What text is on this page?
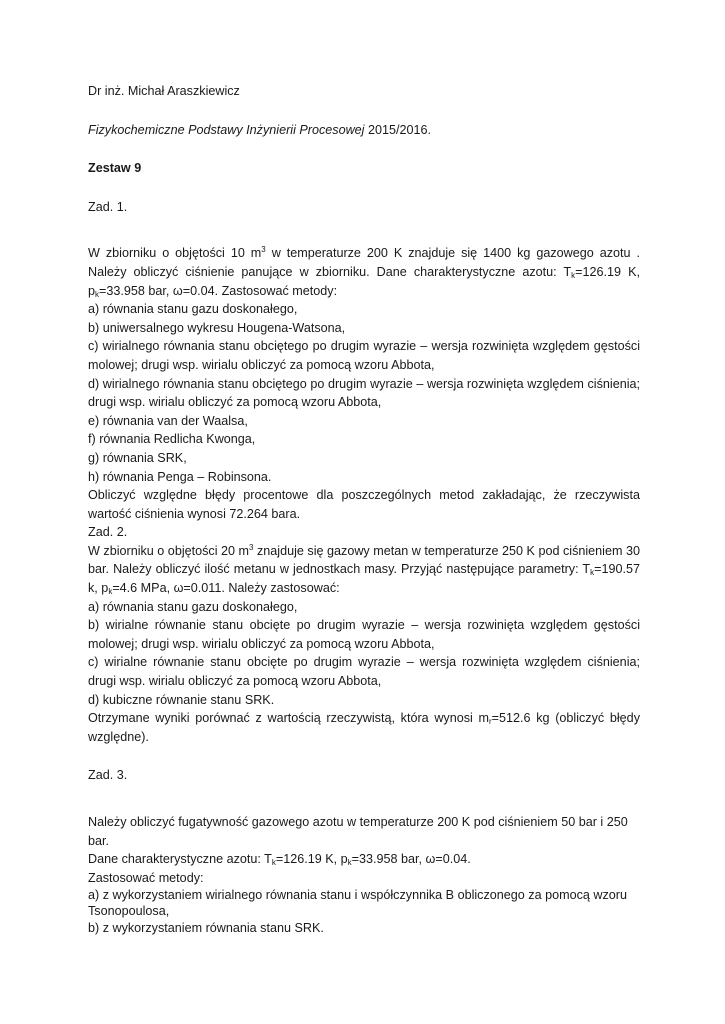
Dr inż. Michał Araszkiewicz

Fizykochemiczne Podstawy Inżynierii Procesowej 2015/2016.

Zestaw 9

Zad. 1.

W zbiorniku o objętości 10 $m^3$ w temperaturze 200 K znajduje się 1400 kg gazowego azotu . Należy obliczyć ciśnienie panujące w zbiorniku. Dane charakterystyczne azotu: $T_k=126.19$ K, $p_k=33.958$ bar, ω=0.04. Zastosować metody:

a) równania stanu gazu doskonałego,

b) uniwersalnego wykresu Hougena-Watsona,

c) wirialnego równania stanu obciętego po drugim wyrazie – wersja rozwinięta względem gęstości molowej; drugi wsp. wirialu obliczyć za pomocą wzoru Abbota,

d) wirialnego równania stanu obciętego po drugim wyrazie – wersja rozwinięta względem ciśnienia; drugi wsp. wirialu obliczyć za pomocą wzoru Abbota,

e) równania van der Waalsa,

f) równania Redlicha Kwonga,

g) równania SRK,

h) równania Penga – Robinsona.

Obliczyć względne błędy procentowe dla poszczególnych metod zakładając, że rzeczywista wartość ciśnienia wynosi 72.264 bara.

Zad. 2.

W zbiorniku o objętości 20 $m^3$ znajduje się gazowy metan w temperaturze 250 K pod ciśnieniem 30 bar. Należy obliczyć ilość metanu w jednostkach masy. Przyjąć następujące parametry: $T_k=190.57$ k, $p_k=4.6$ MPa, ω=0.011. Należy zastosować:

a) równania stanu gazu doskonałego,

b) wirialne równanie stanu obcięte po drugim wyrazie – wersja rozwinięta względem gęstości molowej; drugi wsp. wirialu obliczyć za pomocą wzoru Abbota,

c) wirialne równanie stanu obcięte po drugim wyrazie – wersja rozwinięta względem ciśnienia; drugi wsp. wirialu obliczyć za pomocą wzoru Abbota,

d) kubiczne równanie stanu SRK.

Otrzymane wyniki porównać z wartością rzeczywistą, która wynosi $m_r=512.6$ kg (obliczyć błędy względne).

Zad. 3.

Należy obliczyć fugatywność gazowego azotu w temperaturze 200 K pod ciśnieniem 50 bar i 250 bar.

Dane charakterystyczne azotu: $T_k=126.19$ K, $p_k=33.958$ bar, ω=0.04.

Zastosować metody:

a) z wykorzystaniem wirialnego równania stanu i współczynnika B obliczonego za pomocą wzoru Tsonopoulosa,

b) z wykorzystaniem równania stanu SRK.
